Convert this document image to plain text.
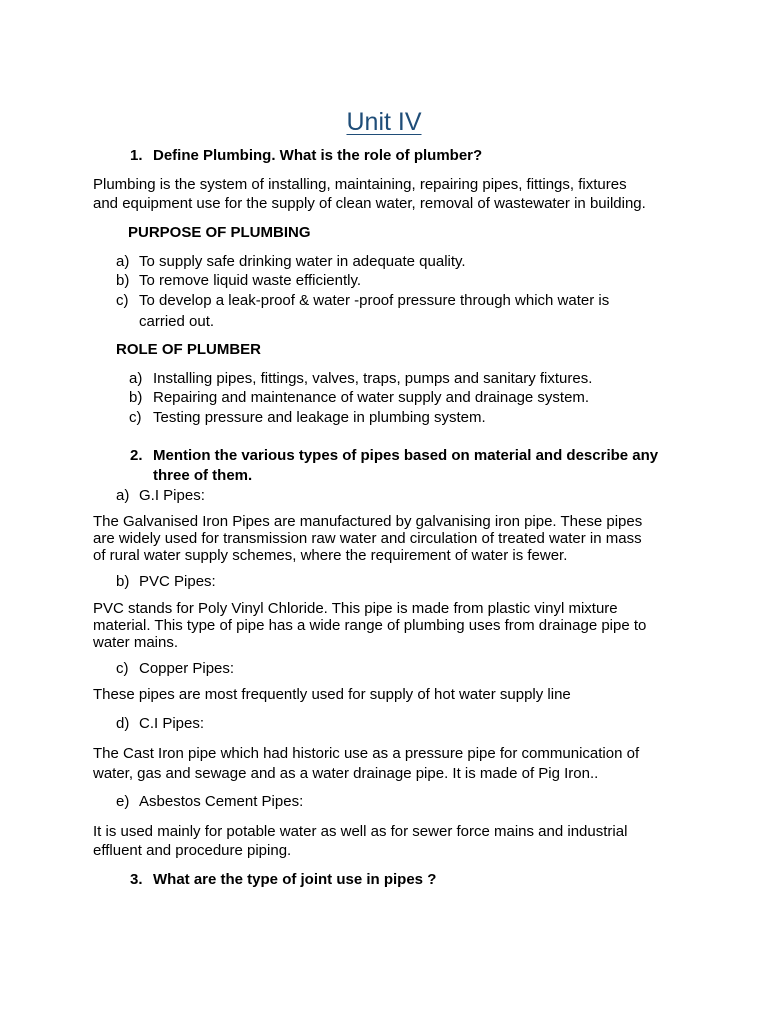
Unit IV
1. Define Plumbing. What is the role of plumber?
Plumbing is the system of installing, maintaining, repairing pipes, fittings, fixtures
and equipment use for the supply of clean water, removal of wastewater in building.
PURPOSE OF PLUMBING
a) To supply safe drinking water in adequate quality.
b) To remove liquid waste efficiently.
c) To develop a leak-proof & water -proof pressure through which water is
carried out.
ROLE OF PLUMBER
a) Installing pipes, fittings, valves, traps, pumps and sanitary fixtures.
b) Repairing and maintenance of water supply and drainage system.
c) Testing pressure and leakage in plumbing system.
2. Mention the various types of pipes based on material and describe any
three of them.
a) G.I Pipes:
The Galvanised Iron Pipes are manufactured by galvanising iron pipe. These pipes
are widely used for transmission raw water and circulation of treated water in mass
of rural water supply schemes, where the requirement of water is fewer.
b) PVC Pipes:
PVC stands for Poly Vinyl Chloride. This pipe is made from plastic vinyl mixture
material. This type of pipe has a wide range of plumbing uses from drainage pipe to
water mains.
c) Copper Pipes:
These pipes are most frequently used for supply of hot water supply line
d) C.I Pipes:
The Cast Iron pipe which had historic use as a pressure pipe for communication of
water, gas and sewage and as a water drainage pipe. It is made of Pig Iron..
e) Asbestos Cement Pipes:
It is used mainly for potable water as well as for sewer force mains and industrial
effluent and procedure piping.
3. What are the type of joint use in pipes ?
